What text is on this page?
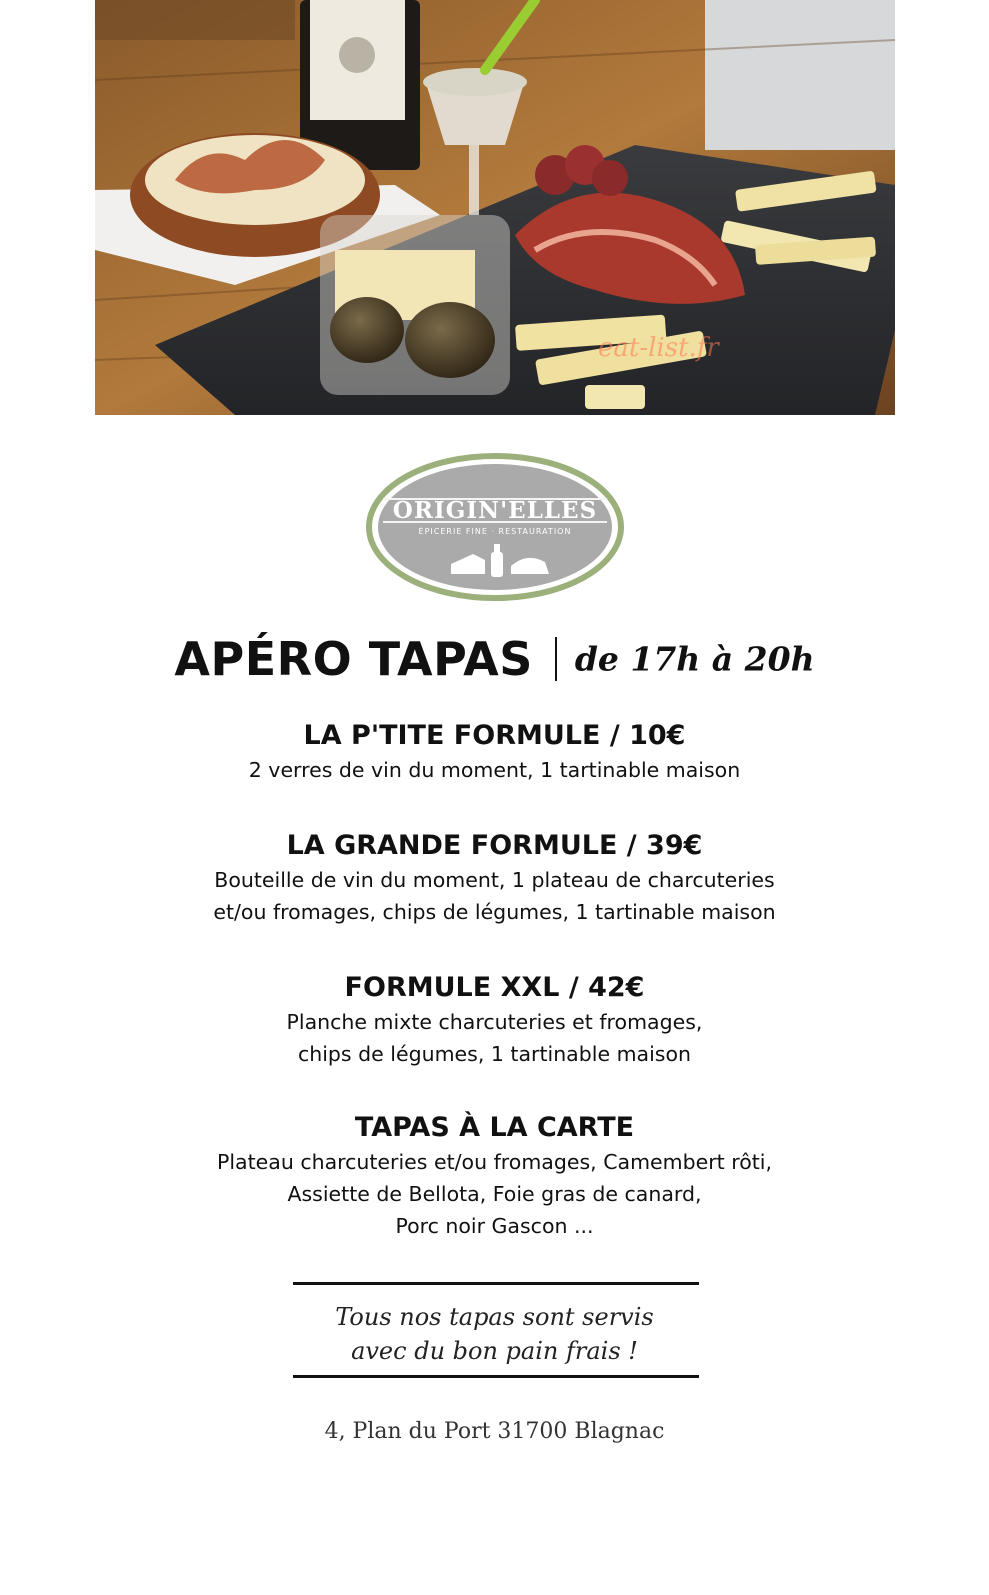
eat-list.fr
ORIGIN'ELLES
ÉPICERIE FINE · RESTAURATION
APÉRO TAPAS de 17h à 20h

LA P'TITE FORMULE / 10€

2 verres de vin du moment, 1 tartinable maison

LA GRANDE FORMULE / 39€

Bouteille de vin du moment, 1 plateau de charcuteries

et/ou fromages, chips de légumes, 1 tartinable maison

FORMULE XXL / 42€

Planche mixte charcuteries et fromages,

chips de légumes, 1 tartinable maison

TAPAS À LA CARTE

Plateau charcuteries et/ou fromages, Camembert rôti,

Assiette de Bellota, Foie gras de canard,

Porc noir Gascon ...

Tous nos tapas sont servis
avec du bon pain frais !
4, Plan du Port 31700 Blagnac
